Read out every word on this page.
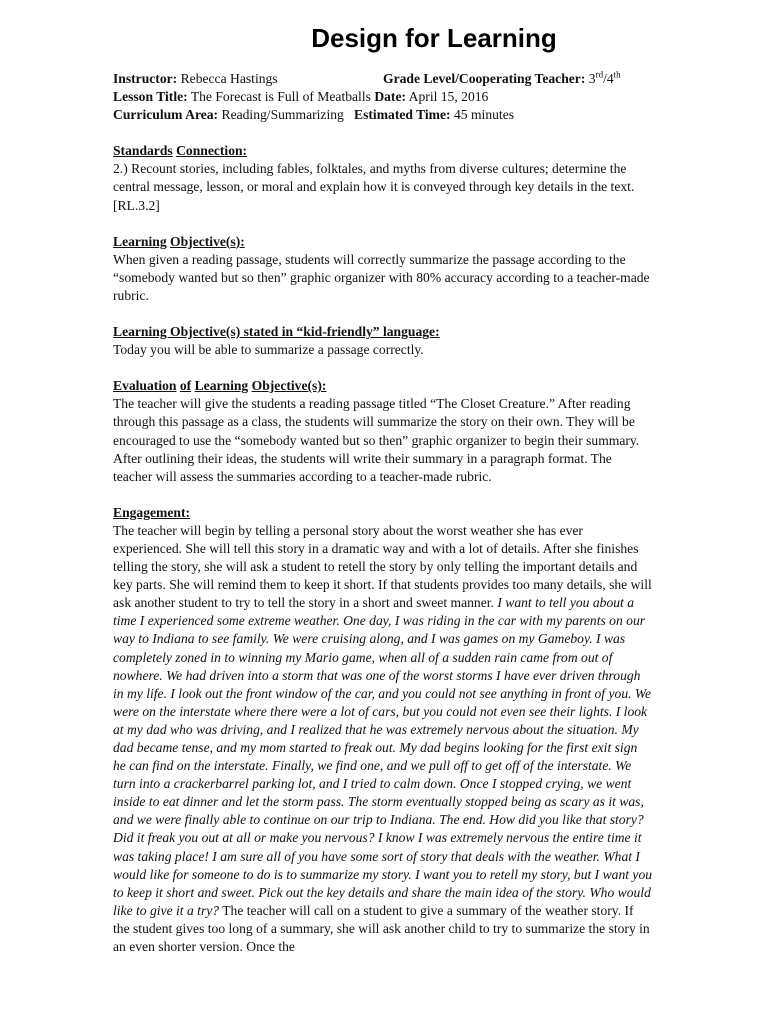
Design for Learning
Instructor: Rebecca Hastings	Grade Level/Cooperating Teacher: 3rd/4th
Lesson Title: The Forecast is Full of Meatballs Date: April 15, 2016
Curriculum Area: Reading/Summarizing Estimated Time: 45 minutes
Standards Connection:

2.) Recount stories, including fables, folktales, and myths from diverse cultures; determine the central message, lesson, or moral and explain how it is conveyed through key details in the text. [RL.3.2]

Learning Objective(s):

When given a reading passage, students will correctly summarize the passage according to the “somebody wanted but so then” graphic organizer with 80% accuracy according to a teacher-made rubric.

Learning Objective(s) stated in “kid-friendly” language:

Today you will be able to summarize a passage correctly.

Evaluation of Learning Objective(s):

The teacher will give the students a reading passage titled “The Closet Creature.” After reading through this passage as a class, the students will summarize the story on their own. They will be encouraged to use the “somebody wanted but so then” graphic organizer to begin their summary. After outlining their ideas, the students will write their summary in a paragraph format. The teacher will assess the summaries according to a teacher-made rubric.

Engagement:

The teacher will begin by telling a personal story about the worst weather she has ever experienced. She will tell this story in a dramatic way and with a lot of details. After she finishes telling the story, she will ask a student to retell the story by only telling the important details and key parts. She will remind them to keep it short. If that students provides too many details, she will ask another student to try to tell the story in a short and sweet manner. I want to tell you about a time I experienced some extreme weather. One day, I was riding in the car with my parents on our way to Indiana to see family. We were cruising along, and I was games on my Gameboy. I was completely zoned in to winning my Mario game, when all of a sudden rain came from out of nowhere. We had driven into a storm that was one of the worst storms I have ever driven through in my life. I look out the front window of the car, and you could not see anything in front of you. We were on the interstate where there were a lot of cars, but you could not even see their lights. I look at my dad who was driving, and I realized that he was extremely nervous about the situation. My dad became tense, and my mom started to freak out. My dad begins looking for the first exit sign he can find on the interstate. Finally, we find one, and we pull off to get off of the interstate. We turn into a crackerbarrel parking lot, and I tried to calm down. Once I stopped crying, we went inside to eat dinner and let the storm pass. The storm eventually stopped being as scary as it was, and we were finally able to continue on our trip to Indiana. The end. How did you like that story? Did it freak you out at all or make you nervous? I know I was extremely nervous the entire time it was taking place! I am sure all of you have some sort of story that deals with the weather. What I would like for someone to do is to summarize my story. I want you to retell my story, but I want you to keep it short and sweet. Pick out the key details and share the main idea of the story. Who would like to give it a try? The teacher will call on a student to give a summary of the weather story. If the student gives too long of a summary, she will ask another child to try to summarize the story in an even shorter version. Once the
